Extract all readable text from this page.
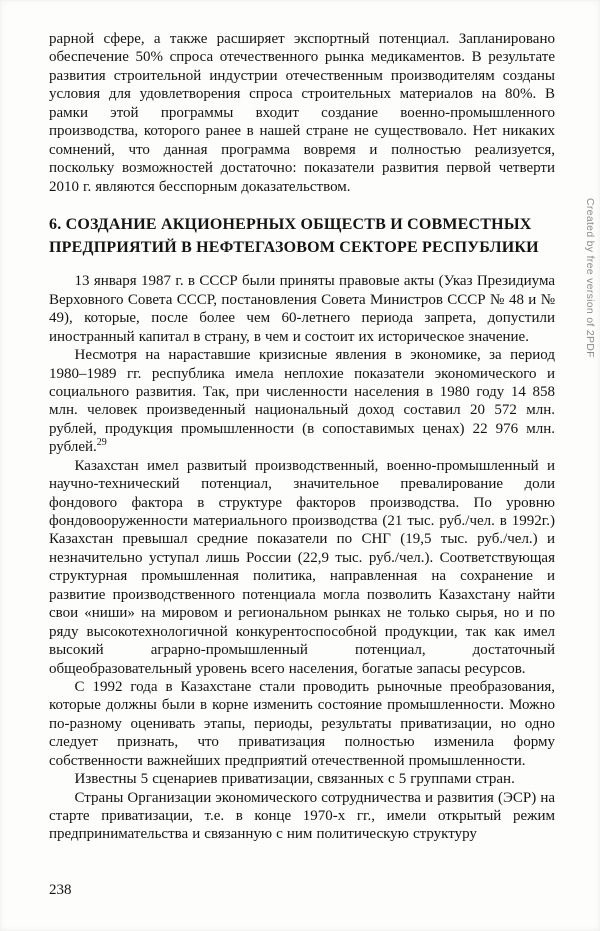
рарной сфере, а также расширяет экспортный потенциал. Запланировано обеспечение 50% спроса отечественного рынка медикаментов. В результате развития строительной индустрии отечественным производителям созданы условия для удовлетворения спроса строительных материалов на 80%. В рамки этой программы входит создание военно-промышленного производства, которого ранее в нашей стране не существовало. Нет никаких сомнений, что данная программа вовремя и полностью реализуется, поскольку возможностей достаточно: показатели развития первой четверти 2010 г. являются бесспорным доказательством.

6. СОЗДАНИЕ АКЦИОНЕРНЫХ ОБЩЕСТВ И СОВМЕСТНЫХ ПРЕДПРИЯТИЙ В НЕФТЕГАЗОВОМ СЕКТОРЕ РЕСПУБЛИКИ

13 января 1987 г. в СССР были приняты правовые акты (Указ Президиума Верховного Совета СССР, постановления Совета Министров СССР № 48 и № 49), которые, после более чем 60-летнего периода запрета, допустили иностранный капитал в страну, в чем и состоит их историческое значение.

Несмотря на нараставшие кризисные явления в экономике, за период 1980–1989 гг. республика имела неплохие показатели экономического и социального развития. Так, при численности населения в 1980 году 14 858 млн. человек произведенный национальный доход составил 20 572 млн. рублей, продукция промышленности (в сопоставимых ценах) 22 976 млн. рублей.$^{29}$

Казахстан имел развитый производственный, военно-промышленный и научно-технический потенциал, значительное превалирование доли фондового фактора в структуре факторов производства. По уровню фондовооруженности материального производства (21 тыс. руб./чел. в 1992г.) Казахстан превышал средние показатели по СНГ (19,5 тыс. руб./чел.) и незначительно уступал лишь России (22,9 тыс. руб./чел.). Соответствующая структурная промышленная политика, направленная на сохранение и развитие производственного потенциала могла позволить Казахстану найти свои «ниши» на мировом и региональном рынках не только сырья, но и по ряду высокотехнологичной конкурентоспособной продукции, так как имел высокий аграрно-промышленный потенциал, достаточный общеобразовательный уровень всего населения, богатые запасы ресурсов.

С 1992 года в Казахстане стали проводить рыночные преобразования, которые должны были в корне изменить состояние промышленности. Можно по-разному оценивать этапы, периоды, результаты приватизации, но одно следует признать, что приватизация полностью изменила форму собственности важнейших предприятий отечественной промышленности.

Известны 5 сценариев приватизации, связанных с 5 группами стран.

Страны Организации экономического сотрудничества и развития (ЭСР) на старте приватизации, т.е. в конце 1970-х гг., имели открытый режим предпринимательства и связанную с ним политическую структуру

238
Created by free version of 2PDF
